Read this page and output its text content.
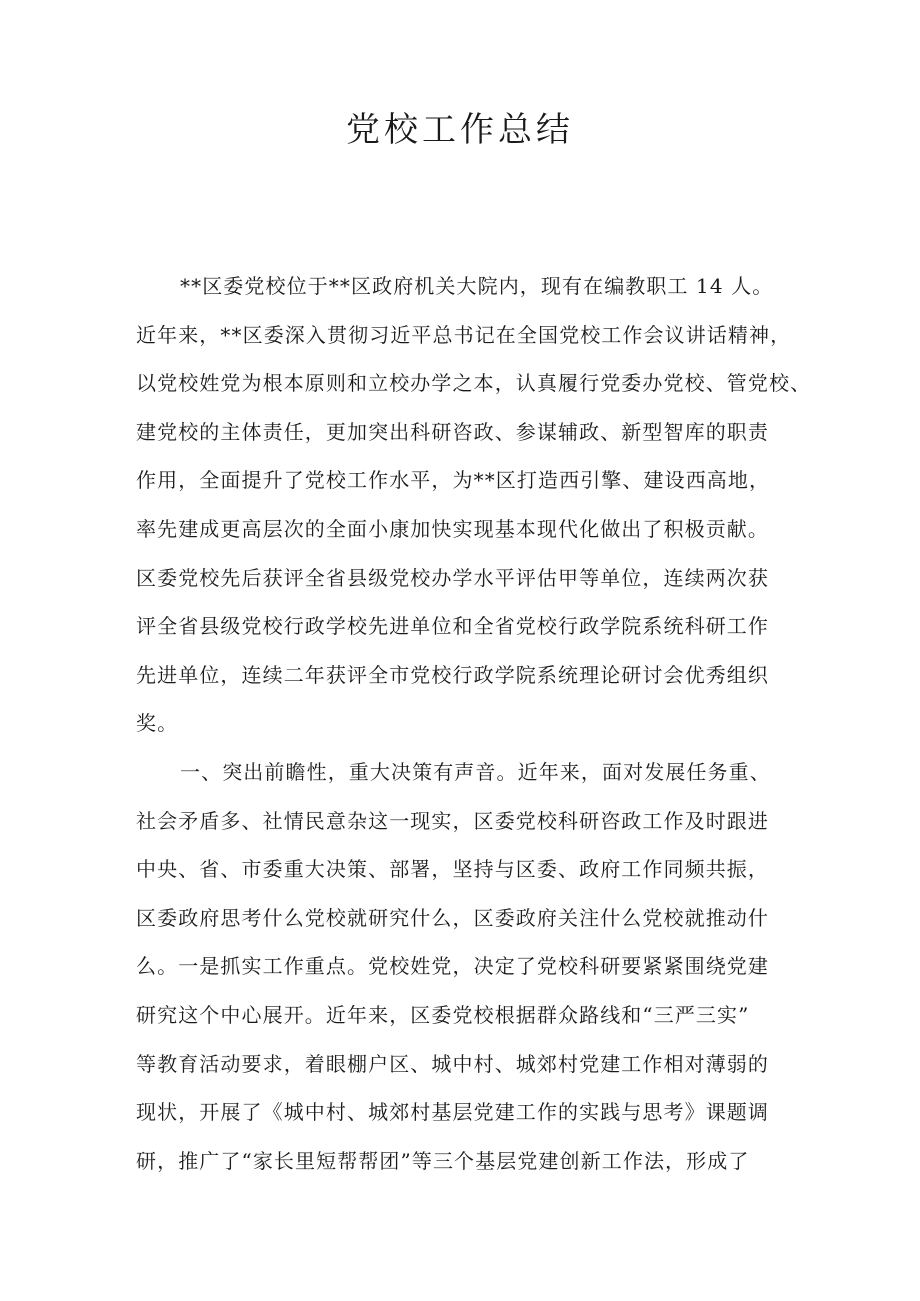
党校工作总结
**区委党校位于**区政府机关大院内，现有在编教职工 14 人。
近年来，**区委深入贯彻习近平总书记在全国党校工作会议讲话精神，
以党校姓党为根本原则和立校办学之本，认真履行党委办党校、管党校、
建党校的主体责任，更加突出科研咨政、参谋辅政、新型智库的职责
作用，全面提升了党校工作水平，为**区打造西引擎、建设西高地，
率先建成更高层次的全面小康加快实现基本现代化做出了积极贡献。
区委党校先后获评全省县级党校办学水平评估甲等单位，连续两次获
评全省县级党校行政学校先进单位和全省党校行政学院系统科研工作
先进单位，连续二年获评全市党校行政学院系统理论研讨会优秀组织
奖。
一、突出前瞻性，重大决策有声音。近年来，面对发展任务重、
社会矛盾多、社情民意杂这一现实，区委党校科研咨政工作及时跟进
中央、省、市委重大决策、部署，坚持与区委、政府工作同频共振，
区委政府思考什么党校就研究什么，区委政府关注什么党校就推动什
么。一是抓实工作重点。党校姓党，决定了党校科研要紧紧围绕党建
研究这个中心展开。近年来，区委党校根据群众路线和“三严三实”
等教育活动要求，着眼棚户区、城中村、城郊村党建工作相对薄弱的
现状，开展了《城中村、城郊村基层党建工作的实践与思考》课题调
研，推广了“家长里短帮帮团”等三个基层党建创新工作法，形成了
